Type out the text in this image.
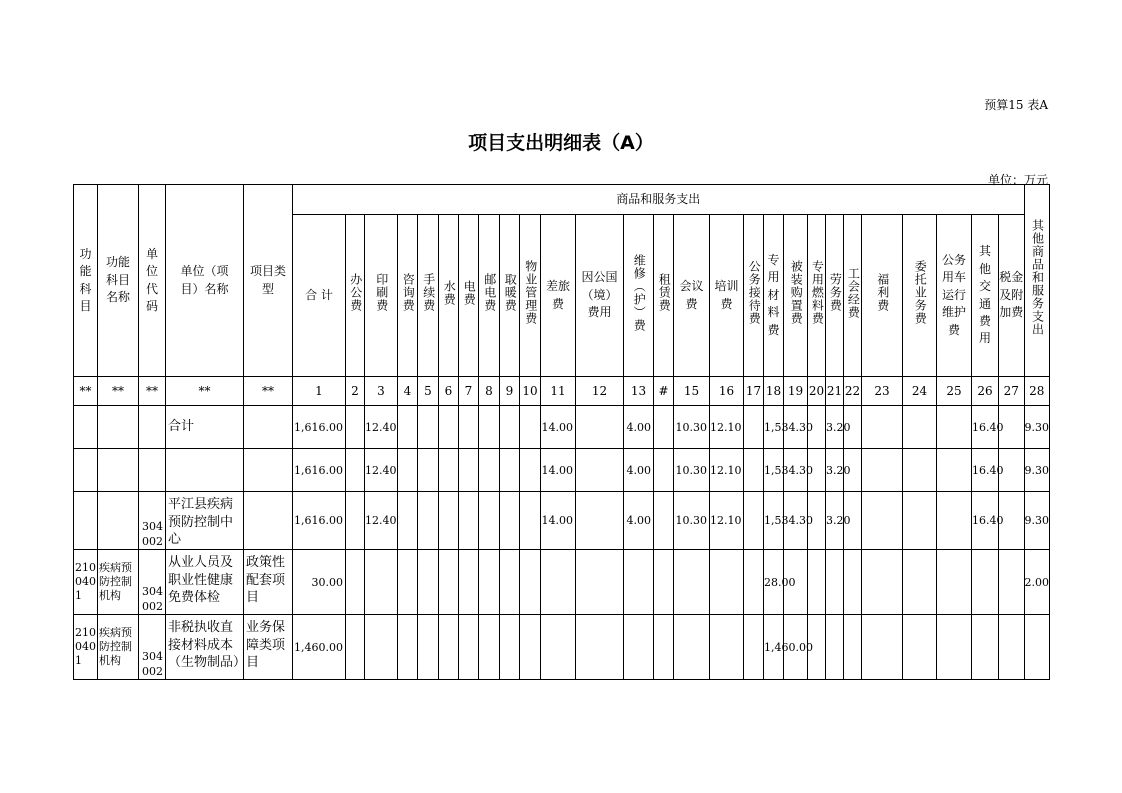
预算15 表A
项目支出明细表（A）
单位：万元
功能科目	功能科目名称	单位代码	单位（项目）名称	项目类型	商品和服务支出																											其他商品和服务支出
					合 计	办公费	印刷费	咨询费	手续费	水费	电费	邮电费	取暖费	物业管理费	差旅费	因公国（境）费用	维修（护）费	租赁费	会议费	培训费	公务接待费	专用材料费	被装购置费	专用燃料费	劳务费	工会经费	福利费	委托业务费	公务用车运行维护费	其他交通费用	税金及附加费	
**	**	**	**	**	1	2	3	4	5	6	7	8	9	10	11	12	13	#	15	16	17	18	19	20	21	22	23	24	25	26	27	28
			合计		1,616.00		12.40								14.00		4.00		10.30	12.10		1,534.30			3.20					16.40		9.30
					1,616.00		12.40								14.00		4.00		10.30	12.10		1,534.30			3.20					16.40		9.30
		304002	平江县疾病预防控制中心		1,616.00		12.40								14.00		4.00		10.30	12.10		1,534.30			3.20					16.40		9.30
2100401	疾病预防控制机构	304002	从业人员及职业性健康免费体检	政策性配套项目	30.00																	28.00										2.00
2100401	疾病预防控制机构	304002	非税执收直接材料成本（生物制品）	业务保障类项目	1,460.00																	1,460.00										
